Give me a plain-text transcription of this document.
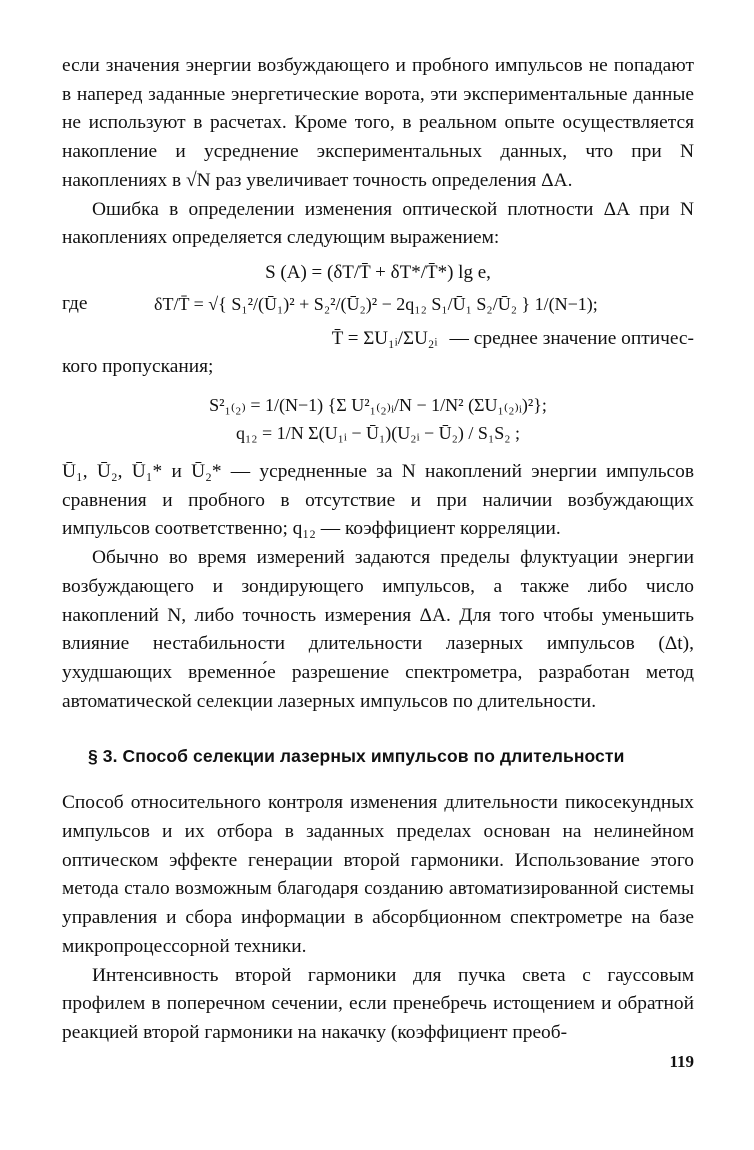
если значения энергии возбуждающего и пробного импульсов не попадают в наперед заданные энергетические ворота, эти экспериментальные данные не используют в расчетах. Кроме того, в реальном опыте осуществляется накопление и усреднение экспериментальных данных, что при N накоплениях в √N раз увеличивает точность определения ΔA.

Ошибка в определении изменения оптической плотности ΔA при N накоплениях определяется следующим выражением:

S (A) = (δT/T̄ + δT*/T̄*) lg e,
где	δT/T̄ = √{ S₁²/(Ū₁)² + S₂²/(Ū₂)² − 2q₁₂ S₁/Ū₁ S₂/Ū₂ } 1/(N−1);
T̄ = ΣU₁ᵢ/ΣU₂ᵢ — среднее значение оптичес-

кого пропускания;

S²₁₍₂₎ = 1/(N−1) {Σ U²₁₍₂₎ᵢ/N − 1/N² (ΣU₁₍₂₎ᵢ)²};
q₁₂ = 1/N Σ(U₁ᵢ − Ū₁)(U₂ᵢ − Ū₂) / S₁S₂ ;

Ū₁, Ū₂, Ū₁* и Ū₂* — усредненные за N накоплений энергии импульсов сравнения и пробного в отсутствие и при наличии возбуждающих импульсов соответственно; q₁₂ — коэффициент корреляции.

Обычно во время измерений задаются пределы флуктуации энергии возбуждающего и зондирующего импульсов, а также либо число накоплений N, либо точность измерения ΔA. Для того чтобы уменьшить влияние нестабильности длительности лазерных импульсов (Δt), ухудшающих временно́е разрешение спектрометра, разработан метод автоматической селекции лазерных импульсов по длительности.

§ 3. Способ селекции лазерных импульсов по длительности

Способ относительного контроля изменения длительности пикосекундных импульсов и их отбора в заданных пределах основан на нелинейном оптическом эффекте генерации второй гармоники. Использование этого метода стало возможным благодаря созданию автоматизированной системы управления и сбора информации в абсорбционном спектрометре на базе микропроцессорной техники.

Интенсивность второй гармоники для пучка света с гауссовым профилем в поперечном сечении, если пренебречь истощением и обратной реакцией второй гармоники на накачку (коэффициент преоб-

119
